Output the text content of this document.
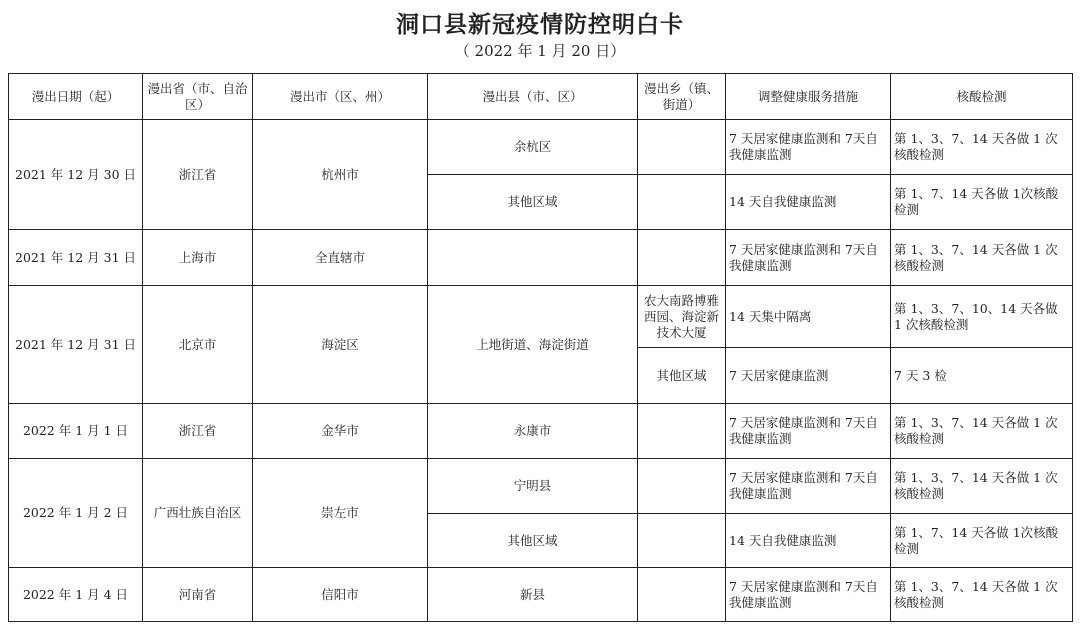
洞口县新冠疫情防控明白卡
（ 2022 年 1 月 20 日）
漫出日期（起）	漫出省（市、自治区）	漫出市（区、州）	漫出县（市、区）	漫出乡（镇、街道）	调整健康服务措施	核酸检测
2021 年 12 月 30 日	浙江省	杭州市	余杭区		7 天居家健康监测和 7天自我健康监测	第 1、3、7、14 天各做 1 次核酸检测
			其他区域		14 天自我健康监测	第 1、7、14 天各做 1次核酸检测
2021 年 12 月 31 日	上海市	全直辖市			7 天居家健康监测和 7天自我健康监测	第 1、3、7、14 天各做 1 次核酸检测
2021 年 12 月 31 日	北京市	海淀区	上地街道、海淀街道	农大南路博雅西园、海淀新技术大厦	14 天集中隔离	第 1、3、7、10、14 天各做 1 次核酸检测
				其他区域	7 天居家健康监测	7 天 3 检
2022 年 1 月 1 日	浙江省	金华市	永康市		7 天居家健康监测和 7天自我健康监测	第 1、3、7、14 天各做 1 次核酸检测
2022 年 1 月 2 日	广西壮族自治区	崇左市	宁明县		7 天居家健康监测和 7天自我健康监测	第 1、3、7、14 天各做 1 次核酸检测
			其他区域		14 天自我健康监测	第 1、7、14 天各做 1次核酸检测
2022 年 1 月 4 日	河南省	信阳市	新县		7 天居家健康监测和 7天自我健康监测	第 1、3、7、14 天各做 1 次核酸检测
